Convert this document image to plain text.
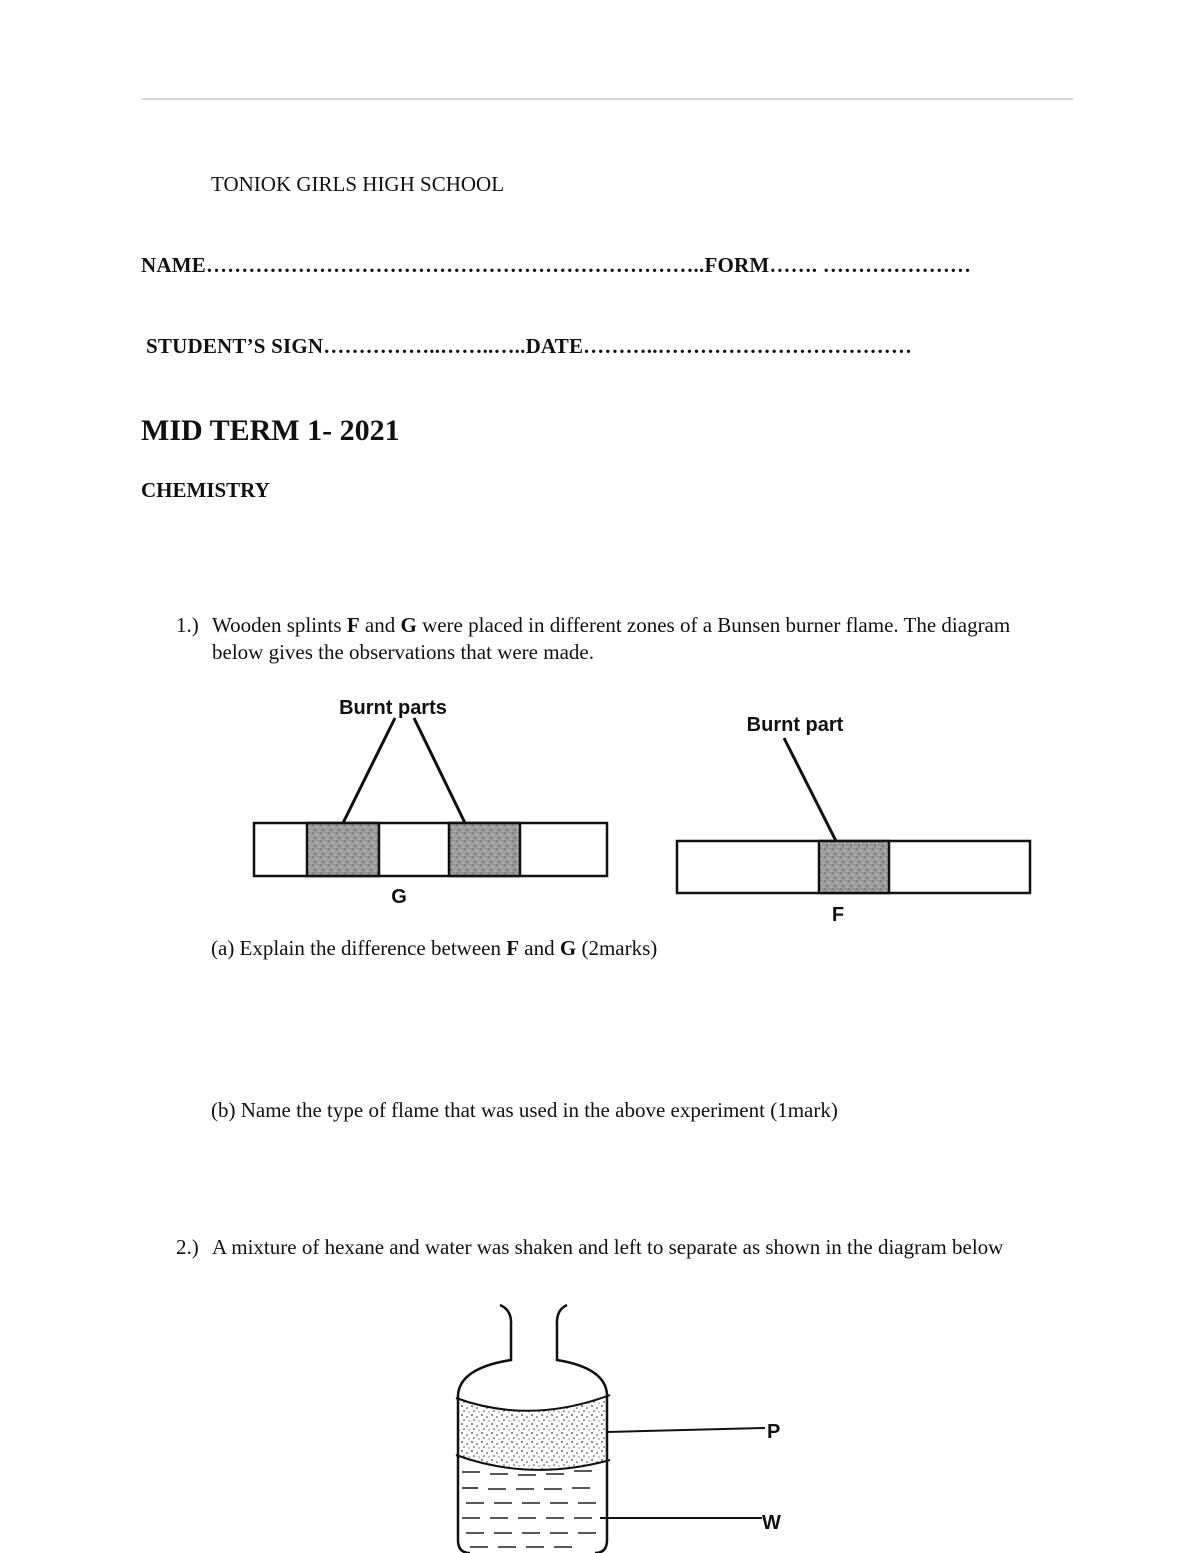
TONIOK GIRLS HIGH SCHOOL
NAME……………………………………………………………..FORM……. …………………
STUDENT’S SIGN……………..……..…..DATE………..………………………………
MID TERM 1- 2021
CHEMISTRY
1.) Wooden splints F and G were placed in different zones of a Bunsen burner flame. The diagram below gives the observations that were made.
Burnt parts
G
Burnt part
F
P
W
(a) Explain the difference between F and G (2marks)
(b) Name the type of flame that was used in the above experiment (1mark)
2.) A mixture of hexane and water was shaken and left to separate as shown in the diagram below
